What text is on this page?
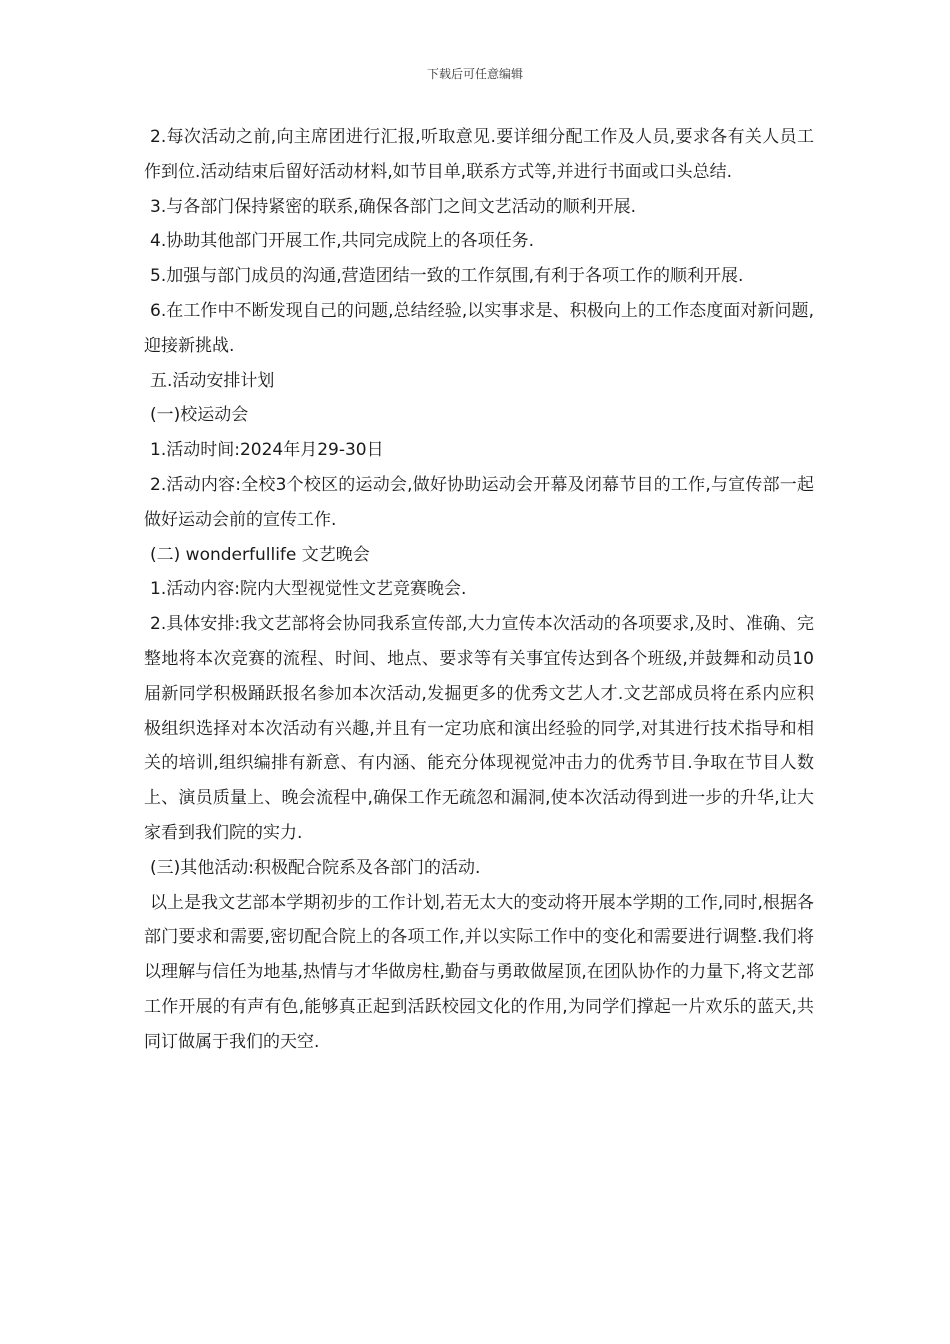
下载后可任意编辑

2.每次活动之前,向主席团进行汇报,听取意见.要详细分配工作及人员,要求各有关人员工作到位.活动结束后留好活动材料,如节目单,联系方式等,并进行书面或口头总结.

3.与各部门保持紧密的联系,确保各部门之间文艺活动的顺利开展.

4.协助其他部门开展工作,共同完成院上的各项任务.

5.加强与部门成员的沟通,营造团结一致的工作氛围,有利于各项工作的顺利开展.

6.在工作中不断发现自己的问题,总结经验,以实事求是、积极向上的工作态度面对新问题,迎接新挑战.

五.活动安排计划

(一)校运动会

1.活动时间:2024年月29-30日

2.活动内容:全校3个校区的运动会,做好协助运动会开幕及闭幕节目的工作,与宣传部一起做好运动会前的宣传工作.

(二) wonderfullife 文艺晚会

1.活动内容:院内大型视觉性文艺竞赛晚会.

2.具体安排:我文艺部将会协同我系宣传部,大力宣传本次活动的各项要求,及时、准确、完整地将本次竞赛的流程、时间、地点、要求等有关事宜传达到各个班级,并鼓舞和动员10届新同学积极踊跃报名参加本次活动,发掘更多的优秀文艺人才.文艺部成员将在系内应积极组织选择对本次活动有兴趣,并且有一定功底和演出经验的同学,对其进行技术指导和相关的培训,组织编排有新意、有内涵、能充分体现视觉冲击力的优秀节目.争取在节目人数上、演员质量上、晚会流程中,确保工作无疏忽和漏洞,使本次活动得到进一步的升华,让大家看到我们院的实力.

(三)其他活动:积极配合院系及各部门的活动.

以上是我文艺部本学期初步的工作计划,若无太大的变动将开展本学期的工作,同时,根据各部门要求和需要,密切配合院上的各项工作,并以实际工作中的变化和需要进行调整.我们将以理解与信任为地基,热情与才华做房柱,勤奋与勇敢做屋顶,在团队协作的力量下,将文艺部工作开展的有声有色,能够真正起到活跃校园文化的作用,为同学们撑起一片欢乐的蓝天,共同订做属于我们的天空.
